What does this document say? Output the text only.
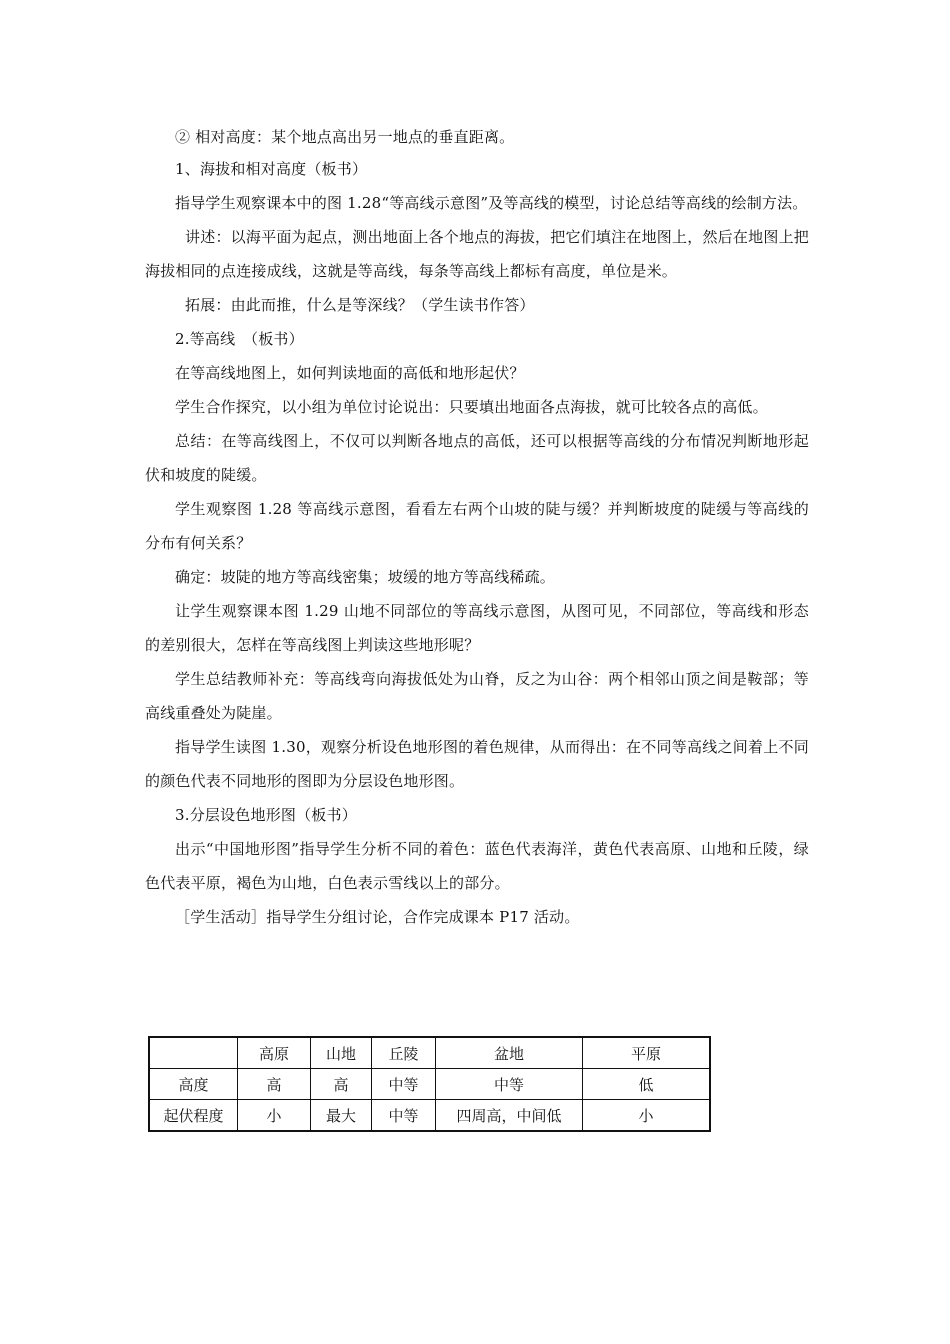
② 相对高度：某个地点高出另一地点的垂直距离。

1、海拔和相对高度（板书）

指导学生观察课本中的图 1.28“等高线示意图”及等高线的模型，讨论总结等高线的绘制方法。

讲述：以海平面为起点，测出地面上各个地点的海拔，把它们填注在地图上，然后在地图上把海拔相同的点连接成线，这就是等高线，每条等高线上都标有高度，单位是米。

拓展：由此而推，什么是等深线？（学生读书作答）

2.等高线　（板书）

在等高线地图上，如何判读地面的高低和地形起伏？

学生合作探究，以小组为单位讨论说出：只要填出地面各点海拔，就可比较各点的高低。

总结：在等高线图上，不仅可以判断各地点的高低，还可以根据等高线的分布情况判断地形起伏和坡度的陡缓。

学生观察图 1.28 等高线示意图，看看左右两个山坡的陡与缓？并判断坡度的陡缓与等高线的分布有何关系？

确定：坡陡的地方等高线密集；坡缓的地方等高线稀疏。

让学生观察课本图 1.29 山地不同部位的等高线示意图，从图可见，不同部位，等高线和形态的差别很大，怎样在等高线图上判读这些地形呢？

学生总结教师补充：等高线弯向海拔低处为山脊，反之为山谷：两个相邻山顶之间是鞍部；等高线重叠处为陡崖。

指导学生读图 1.30，观察分析设色地形图的着色规律，从而得出：在不同等高线之间着上不同的颜色代表不同地形的图即为分层设色地形图。

3.分层设色地形图（板书）

出示“中国地形图”指导学生分析不同的着色：蓝色代表海洋，黄色代表高原、山地和丘陵，绿色代表平原，褐色为山地，白色表示雪线以上的部分。

［学生活动］指导学生分组讨论，合作完成课本 P17 活动。

	高原	山地	丘陵	盆地	平原
高度	高	高	中等	中等	低
起伏程度	小	最大	中等	四周高，中间低	小
